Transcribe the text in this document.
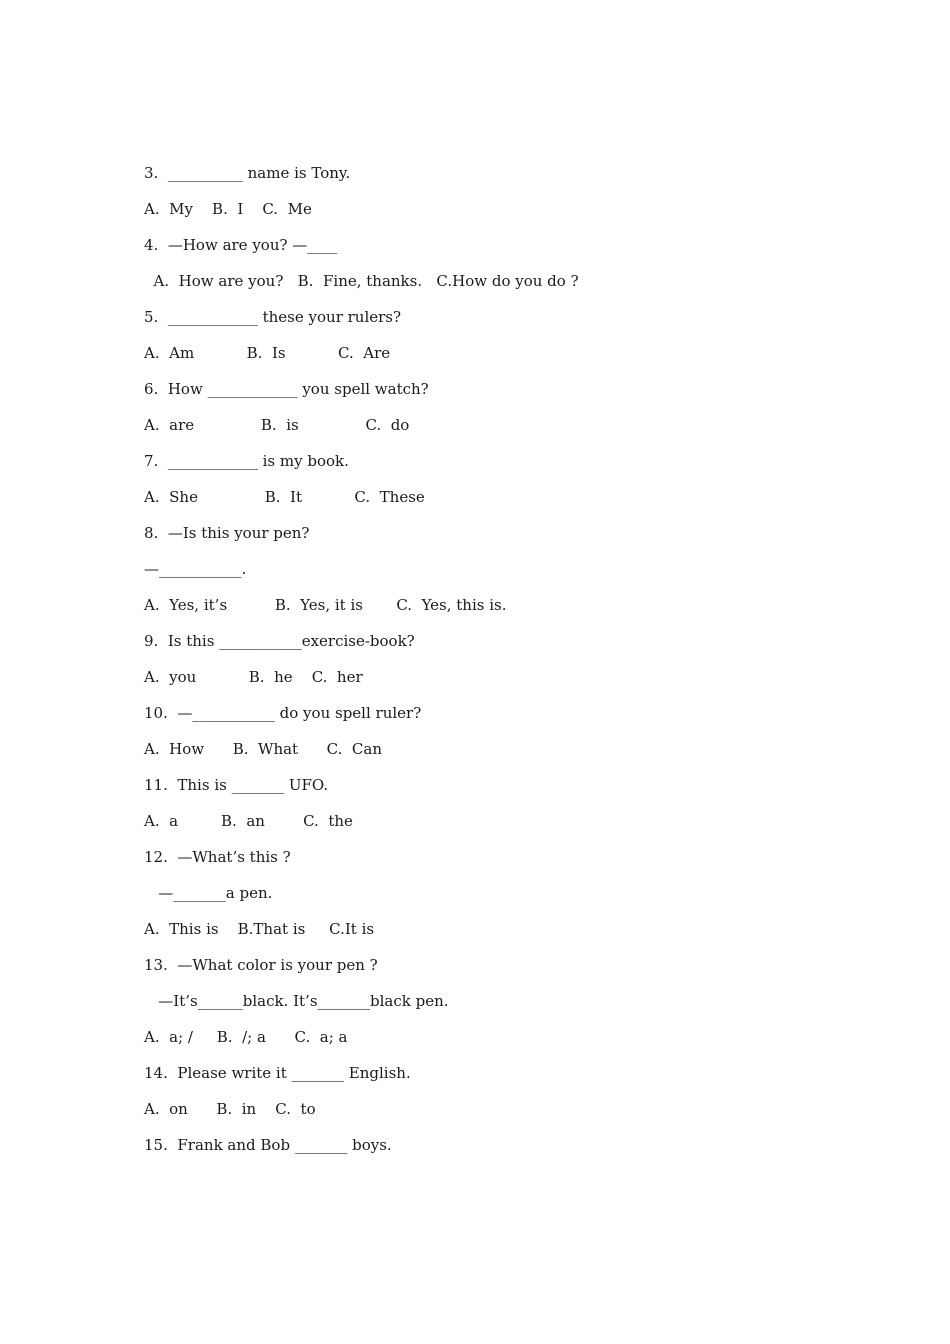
3.  __________ name is Tony.
A.  My    B.  I    C.  Me
4.  —How are you? —____
A.  How are you?   B.  Fine, thanks.   C.How do you do ?
5.  ____________ these your rulers?
A.  Am           B.  Is           C.  Are
6.  How ____________ you spell watch?
A.  are              B.  is              C.  do
7.  ____________ is my book.
A.  She              B.  It           C.  These
8.  —Is this your pen?
—___________.
A.  Yes, it’s          B.  Yes, it is       C.  Yes, this is.
9.  Is this ___________exercise-book?
A.  you           B.  he    C.  her
10.  —___________ do you spell ruler?
A.  How      B.  What      C.  Can
11.  This is _______ UFO.
A.  a         B.  an        C.  the
12.  —What’s this ?
—_______a pen.
A.  This is    B.That is     C.It is
13.  —What color is your pen ?
—It’s______black. It’s_______black pen.
A.  a; /     B.  /; a      C.  a; a
14.  Please write it _______ English.
A.  on      B.  in    C.  to
15.  Frank and Bob _______ boys.
